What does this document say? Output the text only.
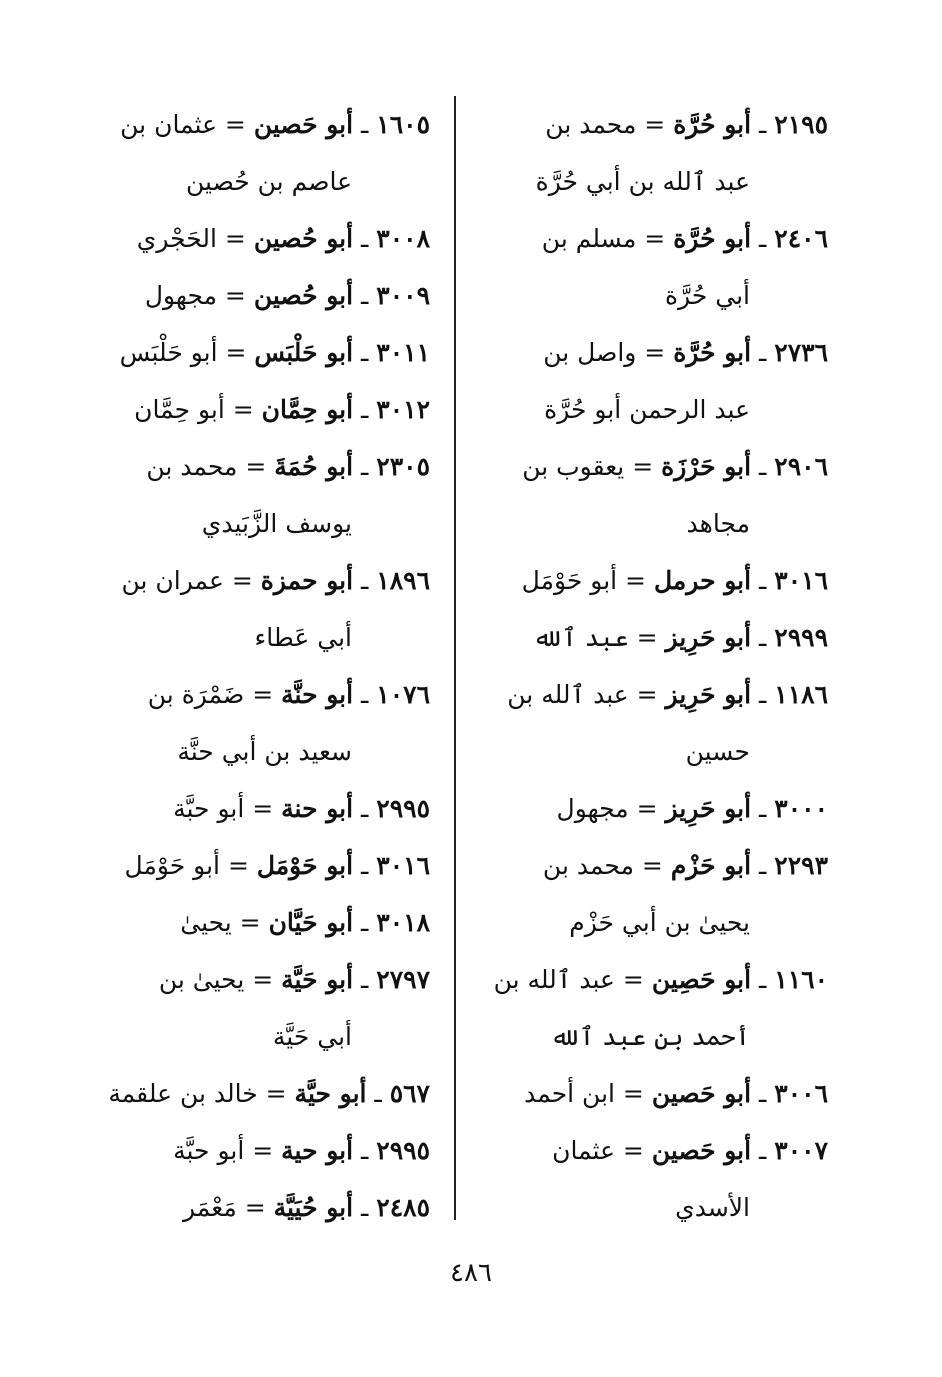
٢١٩٥ ـ أبو حُرَّة = محمد بن
عبد ٱلله بن أبي حُرَّة

٢٤٠٦ ـ أبو حُرَّة = مسلم بن
أبي حُرَّة

٢٧٣٦ ـ أبو حُرَّة = واصل بن
عبد الرحمن أبو حُرَّة

٢٩٠٦ ـ أبو حَرْزَة = يعقوب بن
مجاهد

٣٠١٦ ـ أبو حرمل = أبو حَوْمَل

٢٩٩٩ ـ أبو حَرِيز = عبد ٱلله

١١٨٦ ـ أبو حَرِيز = عبد ٱلله بن
حسين

٣٠٠٠ ـ أبو حَرِيز = مجهول

٢٢٩٣ ـ أبو حَزْم = محمد بن
يحيىٰ بن أبي حَزْم

١١٦٠ ـ أبو حَصِين = عبد ٱلله بن
أحمد بن عبد ٱلله

٣٠٠٦ ـ أبو حَصين = ابن أحمد

٣٠٠٧ ـ أبو حَصين = عثمان
الأسدي

١٦٠٥ ـ أبو حَصين = عثمان بن
عاصم بن حُصين

٣٠٠٨ ـ أبو حُصين = الحَجْري

٣٠٠٩ ـ أبو حُصين = مجهول

٣٠١١ ـ أبو حَلْبَس = أبو حَلْبَس

٣٠١٢ ـ أبو حِمَّان = أبو حِمَّان

٢٣٠٥ ـ أبو حُمَةَ = محمد بن
يوسف الزَّبَيدي

١٨٩٦ ـ أبو حمزة = عمران بن
أبي عَطاء

١٠٧٦ ـ أبو حنَّة = ضَمْرَة بن
سعيد بن أبي حنَّة

٢٩٩٥ ـ أبو حنة = أبو حبَّة

٣٠١٦ ـ أبو حَوْمَل = أبو حَوْمَل

٣٠١٨ ـ أبو حَيَّان = يحيىٰ

٢٧٩٧ ـ أبو حَيَّة = يحيىٰ بن
أبي حَيَّة

٥٦٧ ـ أبو حيَّة = خالد بن علقمة

٢٩٩٥ ـ أبو حية = أبو حبَّة

٢٤٨٥ ـ أبو حُيَيَّة = مَعْمَر

٤٨٦
